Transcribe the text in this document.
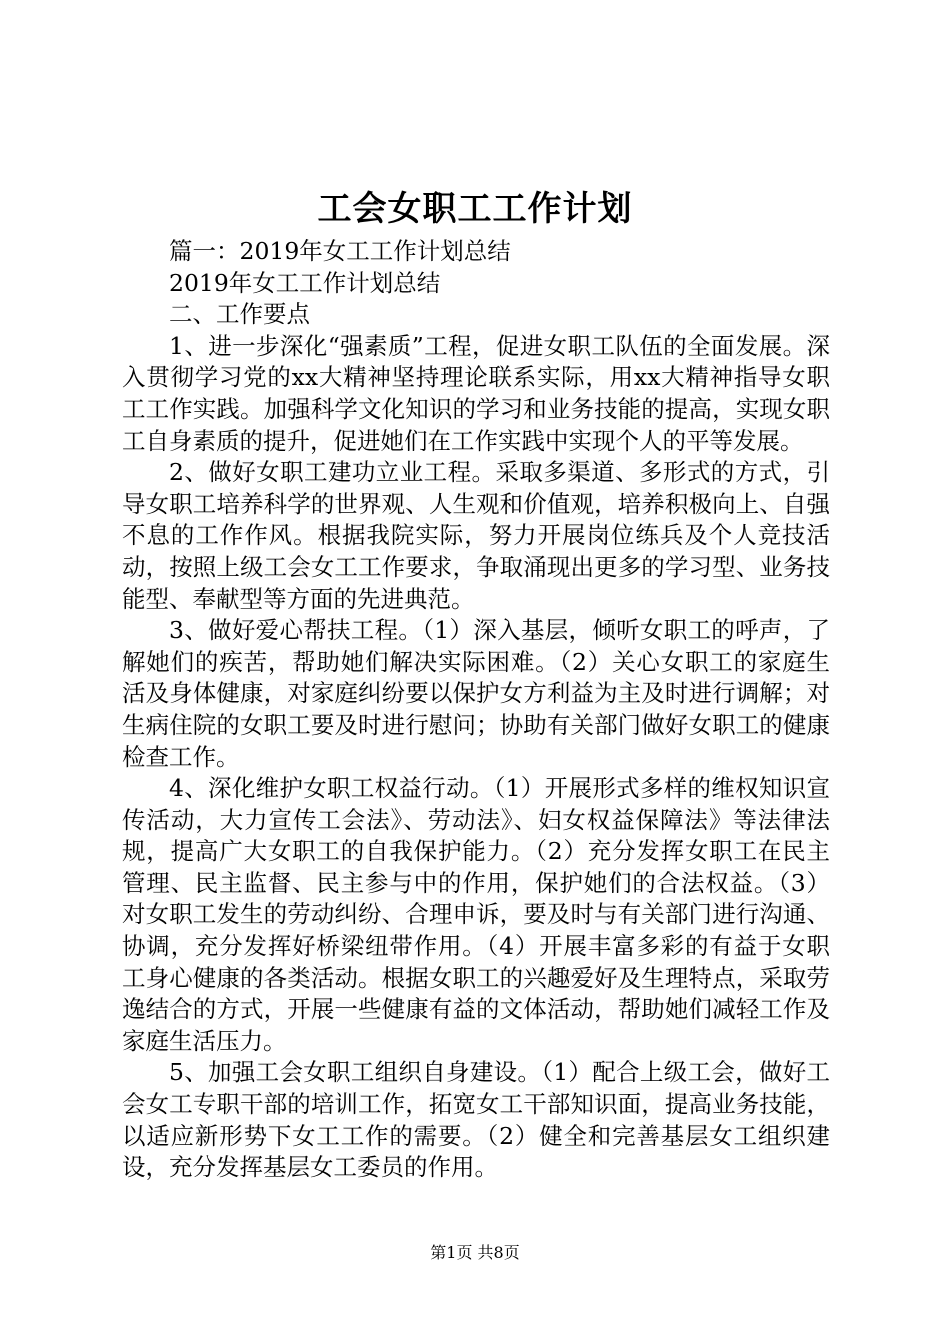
工会女职工工作计划

篇一：2019年女工工作计划总结

2019年女工工作计划总结

二、工作要点

1、进一步深化“强素质”工程，促进女职工队伍的全面发展。深入贯彻学习党的xx大精神坚持理论联系实际，用xx大精神指导女职工工作实践。加强科学文化知识的学习和业务技能的提高，实现女职工自身素质的提升，促进她们在工作实践中实现个人的平等发展。

2、做好女职工建功立业工程。采取多渠道、多形式的方式，引导女职工培养科学的世界观、人生观和价值观，培养积极向上、自强不息的工作作风。根据我院实际，努力开展岗位练兵及个人竞技活动，按照上级工会女工工作要求，争取涌现出更多的学习型、业务技能型、奉献型等方面的先进典范。

3、做好爱心帮扶工程。（1）深入基层，倾听女职工的呼声，了解她们的疾苦，帮助她们解决实际困难。（2）关心女职工的家庭生活及身体健康，对家庭纠纷要以保护女方利益为主及时进行调解；对生病住院的女职工要及时进行慰问；协助有关部门做好女职工的健康检查工作。

4、深化维护女职工权益行动。（1）开展形式多样的维权知识宣传活动，大力宣传工会法》、劳动法》、妇女权益保障法》等法律法规，提高广大女职工的自我保护能力。（2）充分发挥女职工在民主管理、民主监督、民主参与中的作用，保护她们的合法权益。（3）对女职工发生的劳动纠纷、合理申诉，要及时与有关部门进行沟通、协调，充分发挥好桥梁纽带作用。（4）开展丰富多彩的有益于女职工身心健康的各类活动。根据女职工的兴趣爱好及生理特点，采取劳逸结合的方式，开展一些健康有益的文体活动，帮助她们减轻工作及家庭生活压力。

5、加强工会女职工组织自身建设。（1）配合上级工会，做好工会女工专职干部的培训工作，拓宽女工干部知识面，提高业务技能，以适应新形势下女工工作的需要。（2）健全和完善基层女工组织建设，充分发挥基层女工委员的作用。

第1页 共8页
